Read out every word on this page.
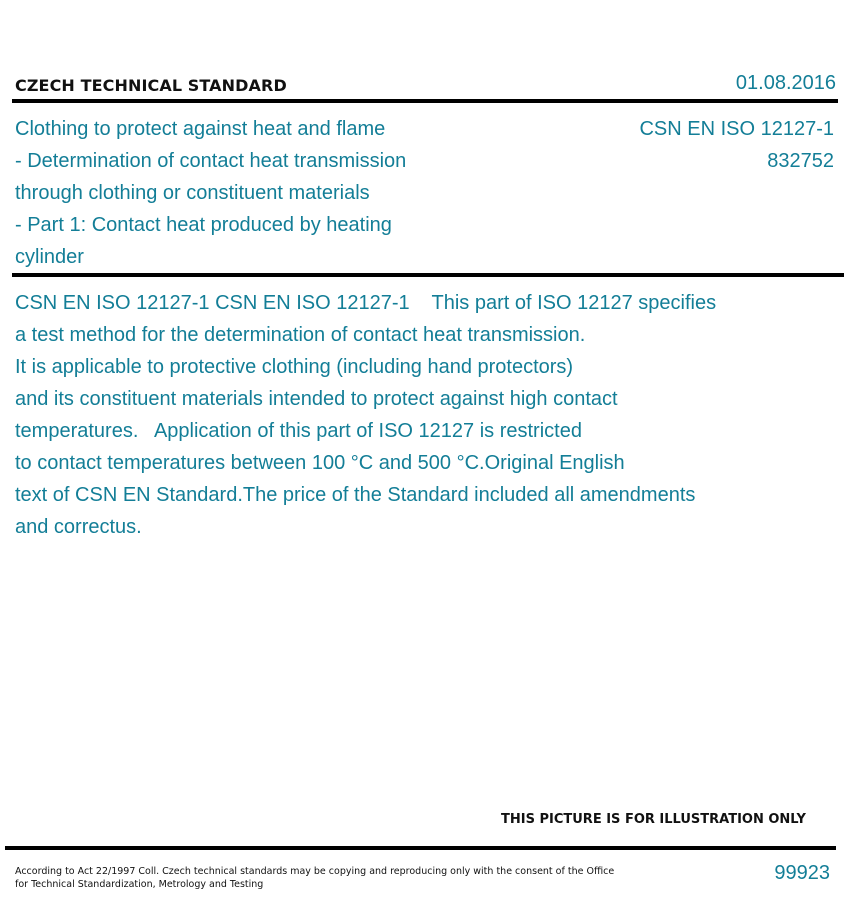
CZECH TECHNICAL STANDARD	01.08.2016
Clothing to protect against heat and flame
- Determination of contact heat transmission
through clothing or constituent materials
- Part 1: Contact heat produced by heating
cylinder
CSN EN ISO 12127-1
832752
CSN EN ISO 12127-1 CSN EN ISO 12127-1    This part of ISO 12127 specifies
a test method for the determination of contact heat transmission.
It is applicable to protective clothing (including hand protectors)
and its constituent materials intended to protect against high contact
temperatures.   Application of this part of ISO 12127 is restricted
to contact temperatures between 100 °C and 500 °C.Original English
text of CSN EN Standard.The price of the Standard included all amendments
and correctus.
THIS PICTURE IS FOR ILLUSTRATION ONLY
According to Act 22/1997 Coll. Czech technical standards may be copying and reproducing only with the consent of the Office
for Technical Standardization, Metrology and Testing
99923
